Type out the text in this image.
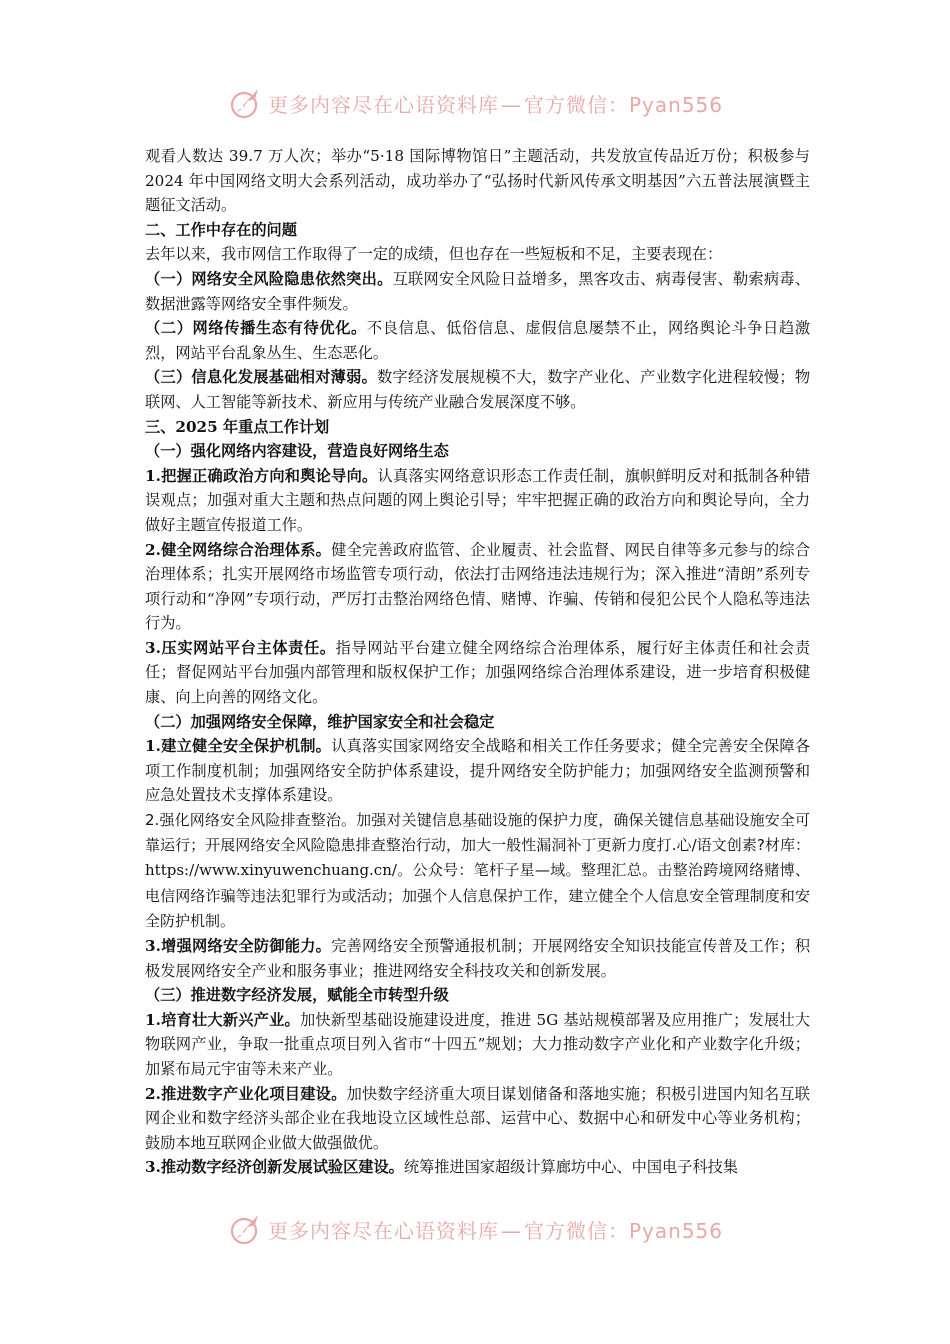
更多内容尽在心语资料库 — 官方微信：Pyan556

观看人数达 39.7 万人次；举办“5·18 国际博物馆日”主题活动，共发放宣传品近万份；积极参与 2024 年中国网络文明大会系列活动，成功举办了“弘扬时代新风传承文明基因”六五普法展演暨主题征文活动。

二、工作中存在的问题

去年以来，我市网信工作取得了一定的成绩，但也存在一些短板和不足，主要表现在：

（一）网络安全风险隐患依然突出。互联网安全风险日益增多，黑客攻击、病毒侵害、勒索病毒、数据泄露等网络安全事件频发。

（二）网络传播生态有待优化。不良信息、低俗信息、虚假信息屡禁不止，网络舆论斗争日趋激烈，网站平台乱象丛生、生态恶化。

（三）信息化发展基础相对薄弱。数字经济发展规模不大，数字产业化、产业数字化进程较慢；物联网、人工智能等新技术、新应用与传统产业融合发展深度不够。

三、2025 年重点工作计划

（一）强化网络内容建设，营造良好网络生态

1.把握正确政治方向和舆论导向。认真落实网络意识形态工作责任制，旗帜鲜明反对和抵制各种错误观点；加强对重大主题和热点问题的网上舆论引导；牢牢把握正确的政治方向和舆论导向，全力做好主题宣传报道工作。

2.健全网络综合治理体系。健全完善政府监管、企业履责、社会监督、网民自律等多元参与的综合治理体系；扎实开展网络市场监管专项行动，依法打击网络违法违规行为；深入推进“清朗”系列专项行动和“净网”专项行动，严厉打击整治网络色情、赌博、诈骗、传销和侵犯公民个人隐私等违法行为。

3.压实网站平台主体责任。指导网站平台建立健全网络综合治理体系，履行好主体责任和社会责任；督促网站平台加强内部管理和版权保护工作；加强网络综合治理体系建设，进一步培育积极健康、向上向善的网络文化。

（二）加强网络安全保障，维护国家安全和社会稳定

1.建立健全安全保护机制。认真落实国家网络安全战略和相关工作任务要求；健全完善安全保障各项工作制度机制；加强网络安全防护体系建设，提升网络安全防护能力；加强网络安全监测预警和应急处置技术支撑体系建设。

2.强化网络安全风险排查整治。加强对关键信息基础设施的保护力度，确保关键信息基础设施安全可靠运行；开展网络安全风险隐患排查整治行动，加大一般性漏洞补丁更新力度打.心/语文创素?材库：https://www.xinyuwenchuang.cn/。公众号：笔杆子星—域。整理汇总。击整治跨境网络赌博、电信网络诈骗等违法犯罪行为或活动；加强个人信息保护工作，建立健全个人信息安全管理制度和安全防护机制。

3.增强网络安全防御能力。完善网络安全预警通报机制；开展网络安全知识技能宣传普及工作；积极发展网络安全产业和服务事业；推进网络安全科技攻关和创新发展。

（三）推进数字经济发展，赋能全市转型升级

1.培育壮大新兴产业。加快新型基础设施建设进度，推进 5G 基站规模部署及应用推广；发展壮大物联网产业，争取一批重点项目列入省市“十四五”规划；大力推动数字产业化和产业数字化升级；加紧布局元宇宙等未来产业。

2.推进数字产业化项目建设。加快数字经济重大项目谋划储备和落地实施；积极引进国内知名互联网企业和数字经济头部企业在我地设立区域性总部、运营中心、数据中心和研发中心等业务机构；鼓励本地互联网企业做大做强做优。

3.推动数字经济创新发展试验区建设。统筹推进国家超级计算廊坊中心、中国电子科技集

更多内容尽在心语资料库 — 官方微信：Pyan556
